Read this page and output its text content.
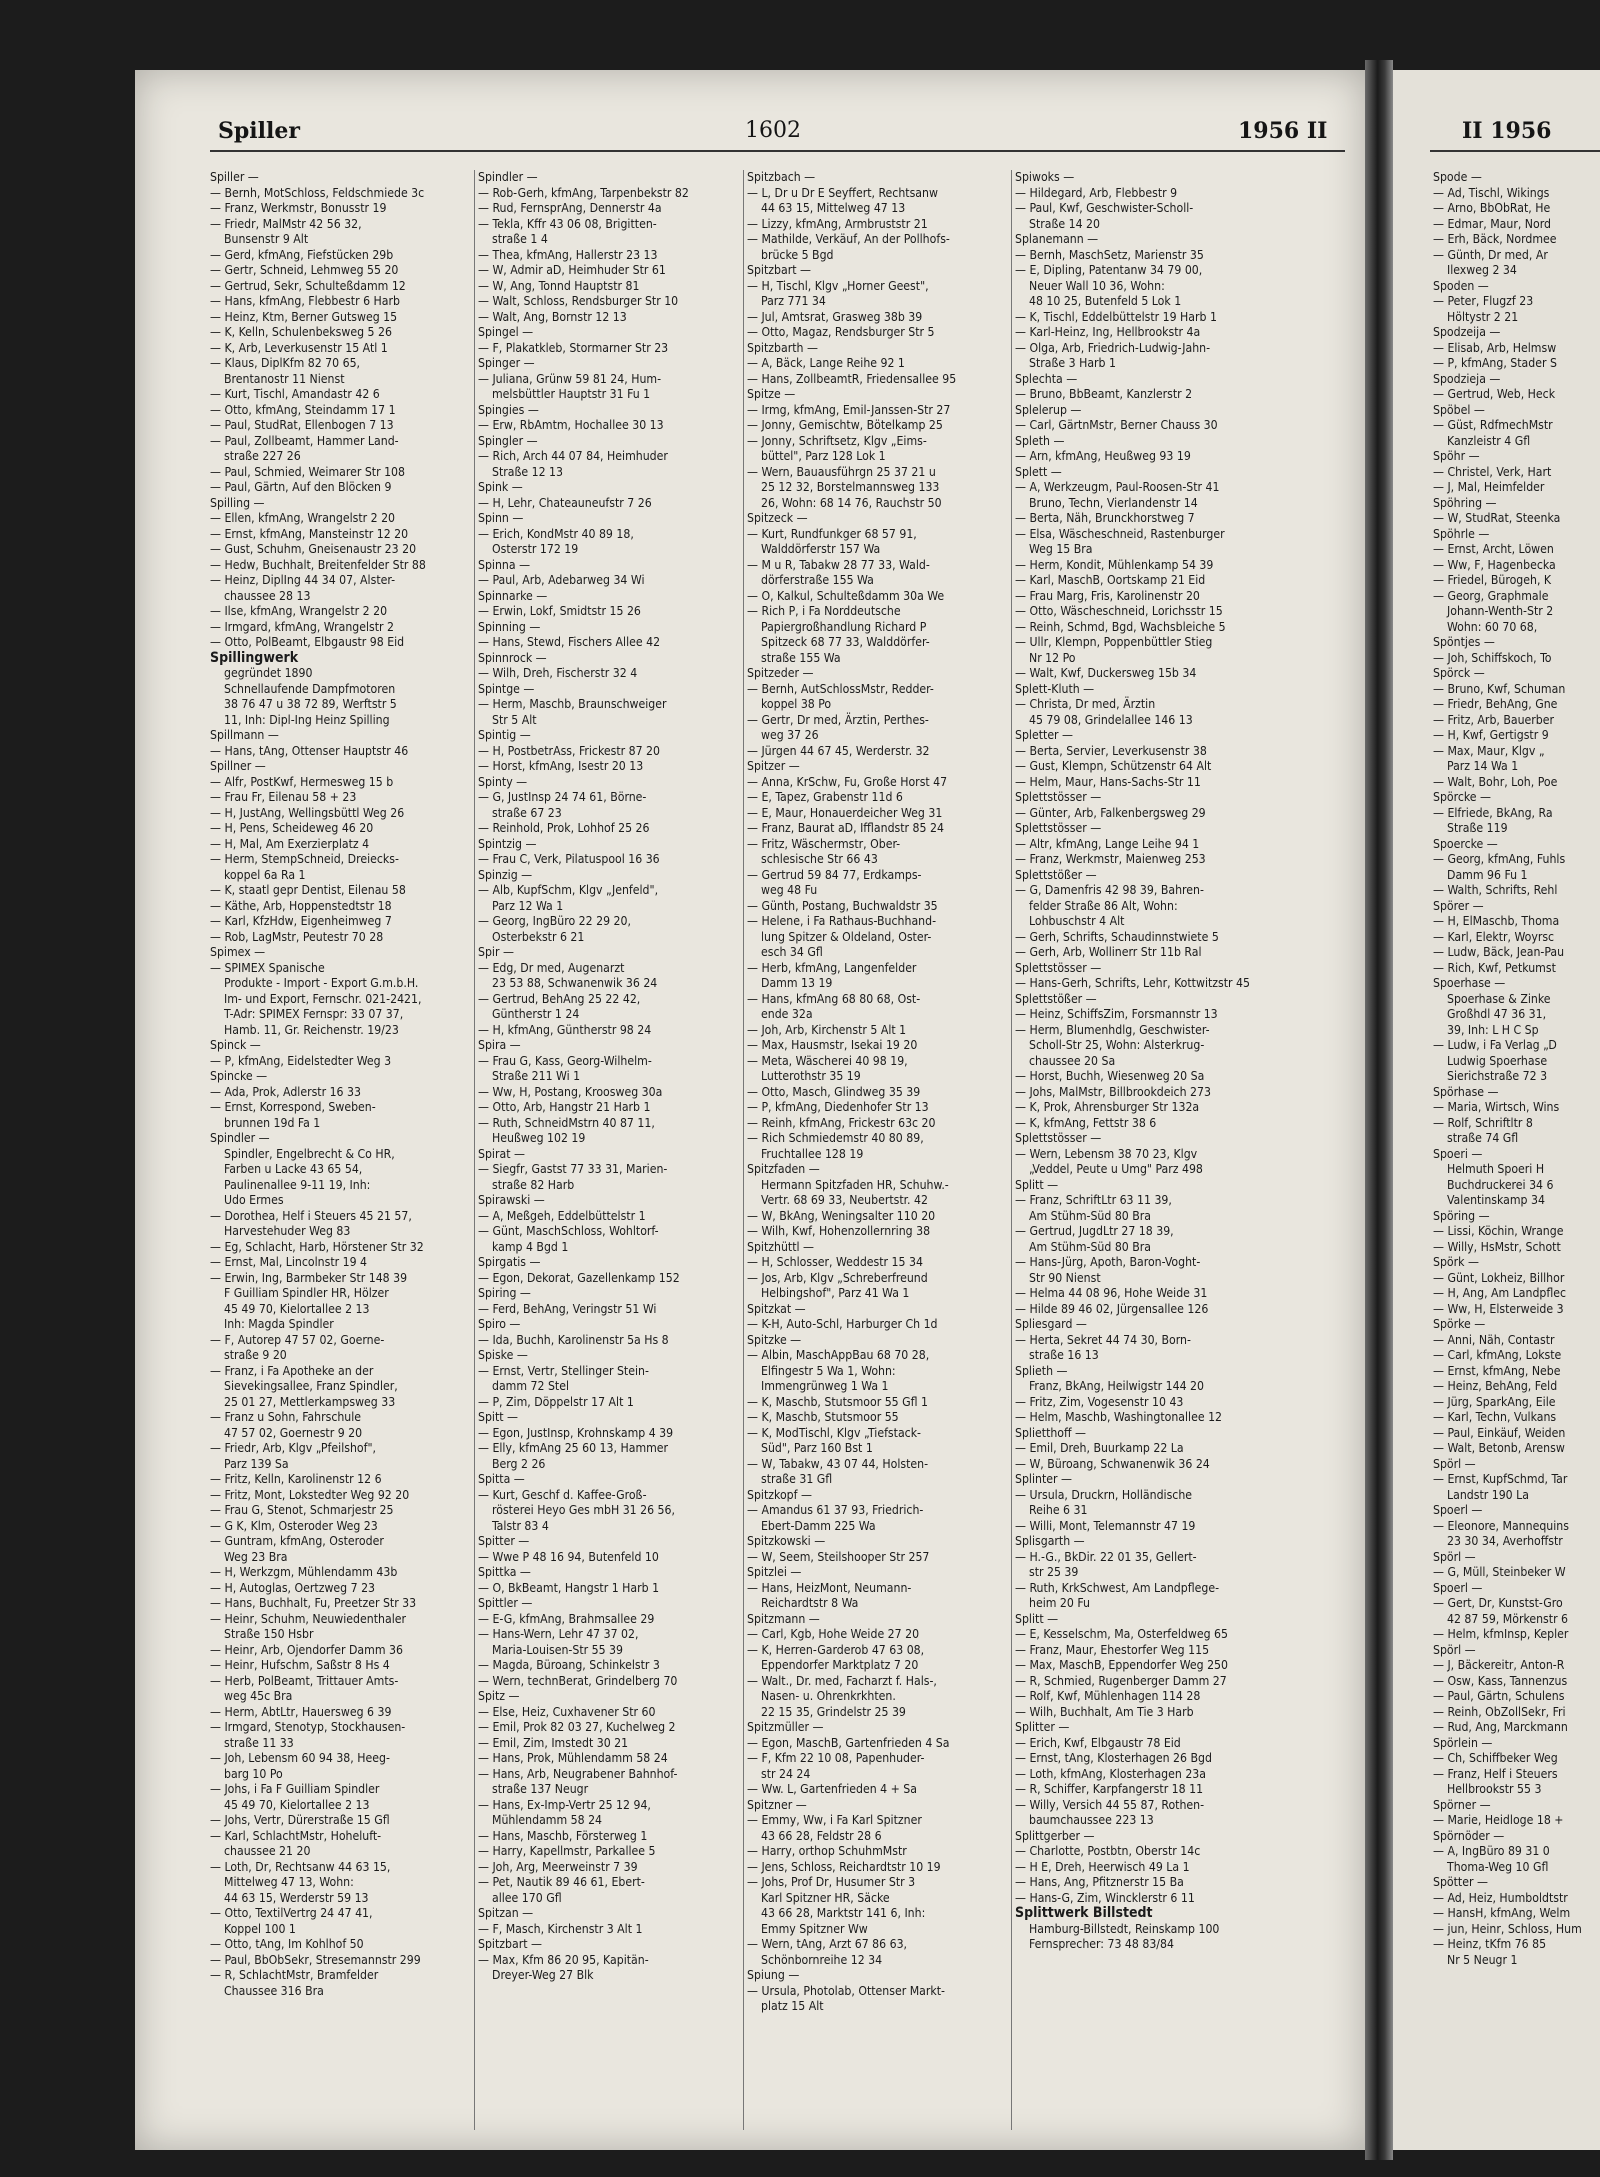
Spiller	1602	1956 II	II 1956
Spiller —
— Bernh, MotSchloss, Feldschmiede 3c
— Franz, Werkmstr, Bonusstr 19
— Friedr, MalMstr 42 56 32,
Bunsenstr 9 Alt
— Gerd, kfmAng, Fiefstücken 29b
— Gertr, Schneid, Lehmweg 55 20
— Gertrud, Sekr, Schulteßdamm 12
— Hans, kfmAng, Flebbestr 6 Harb
— Heinz, Ktm, Berner Gutsweg 15
— K, Kelln, Schulenbeksweg 5 26
— K, Arb, Leverkusenstr 15 Atl 1
— Klaus, DiplKfm 82 70 65,
Brentanostr 11 Nienst
— Kurt, Tischl, Amandastr 42 6
— Otto, kfmAng, Steindamm 17 1
— Paul, StudRat, Ellenbogen 7 13
— Paul, Zollbeamt, Hammer Land-
straße 227 26
— Paul, Schmied, Weimarer Str 108
— Paul, Gärtn, Auf den Blöcken 9
Spilling —
— Ellen, kfmAng, Wrangelstr 2 20
— Ernst, kfmAng, Mansteinstr 12 20
— Gust, Schuhm, Gneisenaustr 23 20
— Hedw, Buchhalt, Breitenfelder Str 88
— Heinz, DiplIng 44 34 07, Alster-
chaussee 28 13
— Ilse, kfmAng, Wrangelstr 2 20
— Irmgard, kfmAng, Wrangelstr 2
— Otto, PolBeamt, Elbgaustr 98 Eid
Spillingwerk
gegründet 1890
Schnellaufende Dampfmotoren
38 76 47 u 38 72 89, Werftstr 5
11, Inh: Dipl-Ing Heinz Spilling
Spillmann —
— Hans, tAng, Ottenser Hauptstr 46
Spillner —
— Alfr, PostKwf, Hermesweg 15 b
— Frau Fr, Eilenau 58 + 23
— H, JustAng, Wellingsbüttl Weg 26
— H, Pens, Scheideweg 46 20
— H, Mal, Am Exerzierplatz 4
— Herm, StempSchneid, Dreiecks-
koppel 6a Ra 1
— K, staatl gepr Dentist, Eilenau 58
— Käthe, Arb, Hoppenstedtstr 18
— Karl, KfzHdw, Eigenheimweg 7
— Rob, LagMstr, Peutestr 70 28
Spimex —
— SPIMEX Spanische
Produkte - Import - Export G.m.b.H.
Im- und Export, Fernschr. 021-2421,
T-Adr: SPIMEX Fernspr: 33 07 37,
Hamb. 11, Gr. Reichenstr. 19/23
Spinck —
— P, kfmAng, Eidelstedter Weg 3
Spincke —
— Ada, Prok, Adlerstr 16 33
— Ernst, Korrespond, Sweben-
brunnen 19d Fa 1
Spindler —
Spindler, Engelbrecht & Co HR,
Farben u Lacke 43 65 54,
Paulinenallee 9-11 19, Inh:
Udo Ermes
— Dorothea, Helf i Steuers 45 21 57,
Harvestehuder Weg 83
— Eg, Schlacht, Harb, Hörstener Str 32
— Ernst, Mal, Lincolnstr 19 4
— Erwin, Ing, Barmbeker Str 148 39
F Guilliam Spindler HR, Hölzer
45 49 70, Kielortallee 2 13
Inh: Magda Spindler
— F, Autorep 47 57 02, Goerne-
straße 9 20
— Franz, i Fa Apotheke an der
Sievekingsallee, Franz Spindler,
25 01 27, Mettlerkampsweg 33
— Franz u Sohn, Fahrschule
47 57 02, Goernestr 9 20
— Friedr, Arb, Klgv „Pfeilshof",
Parz 139 Sa
— Fritz, Kelln, Karolinenstr 12 6
— Fritz, Mont, Lokstedter Weg 92 20
— Frau G, Stenot, Schmarjestr 25
— G K, Klm, Osteroder Weg 23
— Guntram, kfmAng, Osteroder
Weg 23 Bra
— H, Werkzgm, Mühlendamm 43b
— H, Autoglas, Oertzweg 7 23
— Hans, Buchhalt, Fu, Preetzer Str 33
— Heinr, Schuhm, Neuwiedenthaler
Straße 150 Hsbr
— Heinr, Arb, Ojendorfer Damm 36
— Heinr, Hufschm, Saßstr 8 Hs 4
— Herb, PolBeamt, Trittauer Amts-
weg 45c Bra
— Herm, AbtLtr, Hauersweg 6 39
— Irmgard, Stenotyp, Stockhausen-
straße 11 33
— Joh, Lebensm 60 94 38, Heeg-
barg 10 Po
— Johs, i Fa F Guilliam Spindler
45 49 70, Kielortallee 2 13
— Johs, Vertr, Dürerstraße 15 Gfl
— Karl, SchlachtMstr, Hoheluft-
chaussee 21 20
— Loth, Dr, Rechtsanw 44 63 15,
Mittelweg 47 13, Wohn:
44 63 15, Werderstr 59 13
— Otto, TextilVertrg 24 47 41,
Koppel 100 1
— Otto, tAng, Im Kohlhof 50
— Paul, BbObSekr, Stresemannstr 299
— R, SchlachtMstr, Bramfelder
Chaussee 316 Bra
Spindler —
— Rob-Gerh, kfmAng, Tarpenbekstr 82
— Rud, FernsprAng, Dennerstr 4a
— Tekla, Kffr 43 06 08, Brigitten-
straße 1 4
— Thea, kfmAng, Hallerstr 23 13
— W, Admir aD, Heimhuder Str 61
— W, Ang, Tonnd Hauptstr 81
— Walt, Schloss, Rendsburger Str 10
— Walt, Ang, Bornstr 12 13
Spingel —
— F, Plakatkleb, Stormarner Str 23
Spinger —
— Juliana, Grünw 59 81 24, Hum-
melsbüttler Hauptstr 31 Fu 1
Spingies —
— Erw, RbAmtm, Hochallee 30 13
Spingler —
— Rich, Arch 44 07 84, Heimhuder
Straße 12 13
Spink —
— H, Lehr, Chateauneufstr 7 26
Spinn —
— Erich, KondMstr 40 89 18,
Osterstr 172 19
Spinna —
— Paul, Arb, Adebarweg 34 Wi
Spinnarke —
— Erwin, Lokf, Smidtstr 15 26
Spinning —
— Hans, Stewd, Fischers Allee 42
Spinnrock —
— Wilh, Dreh, Fischerstr 32 4
Spintge —
— Herm, Maschb, Braunschweiger
Str 5 Alt
Spintig —
— H, PostbetrAss, Frickestr 87 20
— Horst, kfmAng, Isestr 20 13
Spinty —
— G, JustInsp 24 74 61, Börne-
straße 67 23
— Reinhold, Prok, Lohhof 25 26
Spintzig —
— Frau C, Verk, Pilatuspool 16 36
Spinzig —
— Alb, KupfSchm, Klgv „Jenfeld",
Parz 12 Wa 1
— Georg, IngBüro 22 29 20,
Osterbekstr 6 21
Spir —
— Edg, Dr med, Augenarzt
23 53 88, Schwanenwik 36 24
— Gertrud, BehAng 25 22 42,
Güntherstr 1 24
— H, kfmAng, Güntherstr 98 24
Spira —
— Frau G, Kass, Georg-Wilhelm-
Straße 211 Wi 1
— Ww, H, Postang, Kroosweg 30a
— Otto, Arb, Hangstr 21 Harb 1
— Ruth, SchneidMstrn 40 87 11,
Heußweg 102 19
Spirat —
— Siegfr, Gastst 77 33 31, Marien-
straße 82 Harb
Spirawski —
— A, Meßgeh, Eddelbüttelstr 1
— Günt, MaschSchloss, Wohltorf-
kamp 4 Bgd 1
Spirgatis —
— Egon, Dekorat, Gazellenkamp 152
Spiring —
— Ferd, BehAng, Veringstr 51 Wi
Spiro —
— Ida, Buchh, Karolinenstr 5a Hs 8
Spiske —
— Ernst, Vertr, Stellinger Stein-
damm 72 Stel
— P, Zim, Döppelstr 17 Alt 1
Spitt —
— Egon, JustInsp, Krohnskamp 4 39
— Elly, kfmAng 25 60 13, Hammer
Berg 2 26
Spitta —
— Kurt, Geschf d. Kaffee-Groß-
rösterei Heyo Ges mbH 31 26 56,
Talstr 83 4
Spitter —
— Wwe P 48 16 94, Butenfeld 10
Spittka —
— O, BkBeamt, Hangstr 1 Harb 1
Spittler —
— E-G, kfmAng, Brahmsallee 29
— Hans-Wern, Lehr 47 37 02,
Maria-Louisen-Str 55 39
— Magda, Büroang, Schinkelstr 3
— Wern, technBerat, Grindelberg 70
Spitz —
— Else, Heiz, Cuxhavener Str 60
— Emil, Prok 82 03 27, Kuchelweg 2
— Emil, Zim, Imstedt 30 21
— Hans, Prok, Mühlendamm 58 24
— Hans, Arb, Neugrabener Bahnhof-
straße 137 Neugr
— Hans, Ex-Imp-Vertr 25 12 94,
Mühlendamm 58 24
— Hans, Maschb, Försterweg 1
— Harry, Kapellmstr, Parkallee 5
— Joh, Arg, Meerweinstr 7 39
— Pet, Nautik 89 46 61, Ebert-
allee 170 Gfl
Spitzan —
— F, Masch, Kirchenstr 3 Alt 1
Spitzbart —
— Max, Kfm 86 20 95, Kapitän-
Dreyer-Weg 27 Blk
Spitzbach —
— L, Dr u Dr E Seyffert, Rechtsanw
44 63 15, Mittelweg 47 13
— Lizzy, kfmAng, Armbruststr 21
— Mathilde, Verkäuf, An der Pollhofs-
brücke 5 Bgd
Spitzbart —
— H, Tischl, Klgv „Horner Geest",
Parz 771 34
— Jul, Amtsrat, Grasweg 38b 39
— Otto, Magaz, Rendsburger Str 5
Spitzbarth —
— A, Bäck, Lange Reihe 92 1
— Hans, ZollbeamtR, Friedensallee 95
Spitze —
— Irmg, kfmAng, Emil-Janssen-Str 27
— Jonny, Gemischtw, Bötelkamp 25
— Jonny, Schriftsetz, Klgv „Eims-
büttel", Parz 128 Lok 1
— Wern, Bauausführgn 25 37 21 u
25 12 32, Borstelmannsweg 133
26, Wohn: 68 14 76, Rauchstr 50
Spitzeck —
— Kurt, Rundfunkger 68 57 91,
Walddörferstr 157 Wa
— M u R, Tabakw 28 77 33, Wald-
dörferstraße 155 Wa
— O, Kalkul, Schulteßdamm 30a We
— Rich P, i Fa Norddeutsche
Papiergroßhandlung Richard P
Spitzeck 68 77 33, Walddörfer-
straße 155 Wa
Spitzeder —
— Bernh, AutSchlossMstr, Redder-
koppel 38 Po
— Gertr, Dr med, Ärztin, Perthes-
weg 37 26
— Jürgen 44 67 45, Werderstr. 32
Spitzer —
— Anna, KrSchw, Fu, Große Horst 47
— E, Tapez, Grabenstr 11d 6
— E, Maur, Honauerdeicher Weg 31
— Franz, Baurat aD, Ifflandstr 85 24
— Fritz, Wäschermstr, Ober-
schlesische Str 66 43
— Gertrud 59 84 77, Erdkamps-
weg 48 Fu
— Günth, Postang, Buchwaldstr 35
— Helene, i Fa Rathaus-Buchhand-
lung Spitzer & Oldeland, Oster-
esch 34 Gfl
— Herb, kfmAng, Langenfelder
Damm 13 19
— Hans, kfmAng 68 80 68, Ost-
ende 32a
— Joh, Arb, Kirchenstr 5 Alt 1
— Max, Hausmstr, Isekai 19 20
— Meta, Wäscherei 40 98 19,
Lutterothstr 35 19
— Otto, Masch, Glindweg 35 39
— P, kfmAng, Diedenhofer Str 13
— Reinh, kfmAng, Frickestr 63c 20
— Rich Schmiedemstr 40 80 89,
Fruchtallee 128 19
Spitzfaden —
Hermann Spitzfaden HR, Schuhw.-
Vertr. 68 69 33, Neubertstr. 42
— W, BkAng, Weningsalter 110 20
— Wilh, Kwf, Hohenzollernring 38
Spitzhüttl —
— H, Schlosser, Weddestr 15 34
— Jos, Arb, Klgv „Schreberfreund
Helbingshof", Parz 41 Wa 1
Spitzkat —
— K-H, Auto-Schl, Harburger Ch 1d
Spitzke —
— Albin, MaschAppBau 68 70 28,
Elfingestr 5 Wa 1, Wohn:
Immengrünweg 1 Wa 1
— K, Maschb, Stutsmoor 55 Gfl 1
— K, Maschb, Stutsmoor 55
— K, ModTischl, Klgv „Tiefstack-
Süd", Parz 160 Bst 1
— W, Tabakw, 43 07 44, Holsten-
straße 31 Gfl
Spitzkopf —
— Amandus 61 37 93, Friedrich-
Ebert-Damm 225 Wa
Spitzkowski —
— W, Seem, Steilshooper Str 257
Spitzlei —
— Hans, HeizMont, Neumann-
Reichardtstr 8 Wa
Spitzmann —
— Carl, Kgb, Hohe Weide 27 20
— K, Herren-Garderob 47 63 08,
Eppendorfer Marktplatz 7 20
— Walt., Dr. med, Facharzt f. Hals-,
Nasen- u. Ohrenkrkhten.
22 15 35, Grindelstr 25 39
Spitzmüller —
— Egon, MaschB, Gartenfrieden 4 Sa
— F, Kfm 22 10 08, Papenhuder-
str 24 24
— Ww. L, Gartenfrieden 4 + Sa
Spitzner —
— Emmy, Ww, i Fa Karl Spitzner
43 66 28, Feldstr 28 6
— Harry, orthop SchuhmMstr
— Jens, Schloss, Reichardtstr 10 19
— Johs, Prof Dr, Husumer Str 3
Karl Spitzner HR, Säcke
43 66 28, Marktstr 141 6, Inh:
Emmy Spitzner Ww
— Wern, tAng, Arzt 67 86 63,
Schönbornreihe 12 34
Spiung —
— Ursula, Photolab, Ottenser Markt-
platz 15 Alt
Spiwoks —
— Hildegard, Arb, Flebbestr 9
— Paul, Kwf, Geschwister-Scholl-
Straße 14 20
Splanemann —
— Bernh, MaschSetz, Marienstr 35
— E, Dipling, Patentanw 34 79 00,
Neuer Wall 10 36, Wohn:
48 10 25, Butenfeld 5 Lok 1
— K, Tischl, Eddelbüttelstr 19 Harb 1
— Karl-Heinz, Ing, Hellbrookstr 4a
— Olga, Arb, Friedrich-Ludwig-Jahn-
Straße 3 Harb 1
Splechta —
— Bruno, BbBeamt, Kanzlerstr 2
Splelerup —
— Carl, GärtnMstr, Berner Chauss 30
Spleth —
— Arn, kfmAng, Heußweg 93 19
Splett —
— A, Werkzeugm, Paul-Roosen-Str 41
Bruno, Techn, Vierlandenstr 14
— Berta, Näh, Brunckhorstweg 7
— Elsa, Wäscheschneid, Rastenburger
Weg 15 Bra
— Herm, Kondit, Mühlenkamp 54 39
— Karl, MaschB, Oortskamp 21 Eid
— Frau Marg, Fris, Karolinenstr 20
— Otto, Wäscheschneid, Lorichsstr 15
— Reinh, Schmd, Bgd, Wachsbleiche 5
— Ullr, Klempn, Poppenbüttler Stieg
Nr 12 Po
— Walt, Kwf, Duckersweg 15b 34
Splett-Kluth —
— Christa, Dr med, Ärztin
45 79 08, Grindelallee 146 13
Spletter —
— Berta, Servier, Leverkusenstr 38
— Gust, Klempn, Schützenstr 64 Alt
— Helm, Maur, Hans-Sachs-Str 11
Splettstösser —
— Günter, Arb, Falkenbergsweg 29
Splettstösser —
— Altr, kfmAng, Lange Leihe 94 1
— Franz, Werkmstr, Maienweg 253
Splettstößer —
— G, Damenfris 42 98 39, Bahren-
felder Straße 86 Alt, Wohn:
Lohbuschstr 4 Alt
— Gerh, Schrifts, Schaudinnstwiete 5
— Gerh, Arb, Wollinerr Str 11b Ral
Splettstösser —
— Hans-Gerh, Schrifts, Lehr, Kottwitzstr 45
Splettstößer —
— Heinz, SchiffsZim, Forsmannstr 13
— Herm, Blumenhdlg, Geschwister-
Scholl-Str 25, Wohn: Alsterkrug-
chaussee 20 Sa
— Horst, Buchh, Wiesenweg 20 Sa
— Johs, MalMstr, Billbrookdeich 273
— K, Prok, Ahrensburger Str 132a
— K, kfmAng, Fettstr 38 6
Splettstösser —
— Wern, Lebensm 38 70 23, Klgv
„Veddel, Peute u Umg" Parz 498
Splitt —
— Franz, SchriftLtr 63 11 39,
Am Stühm-Süd 80 Bra
— Gertrud, JugdLtr 27 18 39,
Am Stühm-Süd 80 Bra
— Hans-Jürg, Apoth, Baron-Voght-
Str 90 Nienst
— Helma 44 08 96, Hohe Weide 31
— Hilde 89 46 02, Jürgensallee 126
Spliesgard —
— Herta, Sekret 44 74 30, Born-
straße 16 13
Splieth —
Franz, BkAng, Heilwigstr 144 20
— Fritz, Zim, Vogesenstr 10 43
— Helm, Maschb, Washingtonallee 12
Splietthoff —
— Emil, Dreh, Buurkamp 22 La
— W, Büroang, Schwanenwik 36 24
Splinter —
— Ursula, Druckrn, Holländische
Reihe 6 31
— Willi, Mont, Telemannstr 47 19
Splisgarth —
— H.-G., BkDir. 22 01 35, Gellert-
str 25 39
— Ruth, KrkSchwest, Am Landpflege-
heim 20 Fu
Splitt —
— E, Kesselschm, Ma, Osterfeldweg 65
— Franz, Maur, Ehestorfer Weg 115
— Max, MaschB, Eppendorfer Weg 250
— R, Schmied, Rugenberger Damm 27
— Rolf, Kwf, Mühlenhagen 114 28
— Wilh, Buchhalt, Am Tie 3 Harb
Splitter —
— Erich, Kwf, Elbgaustr 78 Eid
— Ernst, tAng, Klosterhagen 26 Bgd
— Loth, kfmAng, Klosterhagen 23a
— R, Schiffer, Karpfangerstr 18 11
— Willy, Versich 44 55 87, Rothen-
baumchaussee 223 13
Splittgerber —
— Charlotte, Postbtn, Oberstr 14c
— H E, Dreh, Heerwisch 49 La 1
— Hans, Ang, Pfitznerstr 15 Ba
— Hans-G, Zim, Wincklerstr 6 11
Splittwerk Billstedt
Hamburg-Billstedt, Reinskamp 100
Fernsprecher: 73 48 83/84
Spode —
— Ad, Tischl, Wikings
— Arno, BbObRat, He
— Edmar, Maur, Nord
— Erh, Bäck, Nordmee
— Günth, Dr med, Ar
Ilexweg 2 34
Spoden —
— Peter, Flugzf 23
Höltystr 2 21
Spodzeija —
— Elisab, Arb, Helmsw
— P, kfmAng, Stader S
Spodzieja —
— Gertrud, Web, Heck
Spöbel —
— Güst, RdfmechMstr
Kanzleistr 4 Gfl
Spöhr —
— Christel, Verk, Hart
— J, Mal, Heimfelder
Spöhring —
— W, StudRat, Steenka
Spöhrle —
— Ernst, Archt, Löwen
— Ww, F, Hagenbecka
— Friedel, Bürogeh, K
— Georg, Graphmale
Johann-Wenth-Str 2
Wohn: 60 70 68,
Spöntjes —
— Joh, Schiffskoch, To
Spörck —
— Bruno, Kwf, Schuman
— Friedr, BehAng, Gne
— Fritz, Arb, Bauerber
— H, Kwf, Gertigstr 9
— Max, Maur, Klgv „
Parz 14 Wa 1
— Walt, Bohr, Loh, Poe
Spörcke —
— Elfriede, BkAng, Ra
Straße 119
Spoercke —
— Georg, kfmAng, Fuhls
Damm 96 Fu 1
— Walth, Schrifts, Rehl
Spörer —
— H, ElMaschb, Thoma
— Karl, Elektr, Woyrsc
— Ludw, Bäck, Jean-Pau
— Rich, Kwf, Petkumst
Spoerhase —
Spoerhase & Zinke
Großhdl 47 36 31,
39, Inh: L H C Sp
— Ludw, i Fa Verlag „D
Ludwig Spoerhase
Sierichstraße 72 3
Spörhase —
— Maria, Wirtsch, Wins
— Rolf, Schriftltr 8
straße 74 Gfl
Spoeri —
Helmuth Spoeri H
Buchdruckerei 34 6
Valentinskamp 34
Spöring —
— Lissi, Köchin, Wrange
— Willy, HsMstr, Schott
Spörk —
— Günt, Lokheiz, Billhor
— H, Ang, Am Landpflec
— Ww, H, Elsterweide 3
Spörke —
— Anni, Näh, Contastr
— Carl, kfmAng, Lokste
— Ernst, kfmAng, Nebe
— Heinz, BehAng, Feld
— Jürg, SparkAng, Eile
— Karl, Techn, Vulkans
— Paul, Einkäuf, Weiden
— Walt, Betonb, Arensw
Spörl —
— Ernst, KupfSchmd, Tar
Landstr 190 La
Spoerl —
— Eleonore, Mannequins
23 30 34, Averhoffstr
Spörl —
— G, Müll, Steinbeker W
Spoerl —
— Gert, Dr, Kunstst-Gro
42 87 59, Mörkenstr 6
— Helm, kfmInsp, Kepler
Spörl —
— J, Bäckereitr, Anton-R
— Osw, Kass, Tannenzus
— Paul, Gärtn, Schulens
— Reinh, ObZollSekr, Fri
— Rud, Ang, Marckmann
Spörlein —
— Ch, Schiffbeker Weg
— Franz, Helf i Steuers
Hellbrookstr 55 3
Spörner —
— Marie, Heidloge 18 +
Spörnöder —
— A, IngBüro 89 31 0
Thoma-Weg 10 Gfl
Spötter —
— Ad, Heiz, Humboldtstr
— HansH, kfmAng, Welm
— jun, Heinr, Schloss, Hum
— Heinz, tKfm 76 85
Nr 5 Neugr 1
